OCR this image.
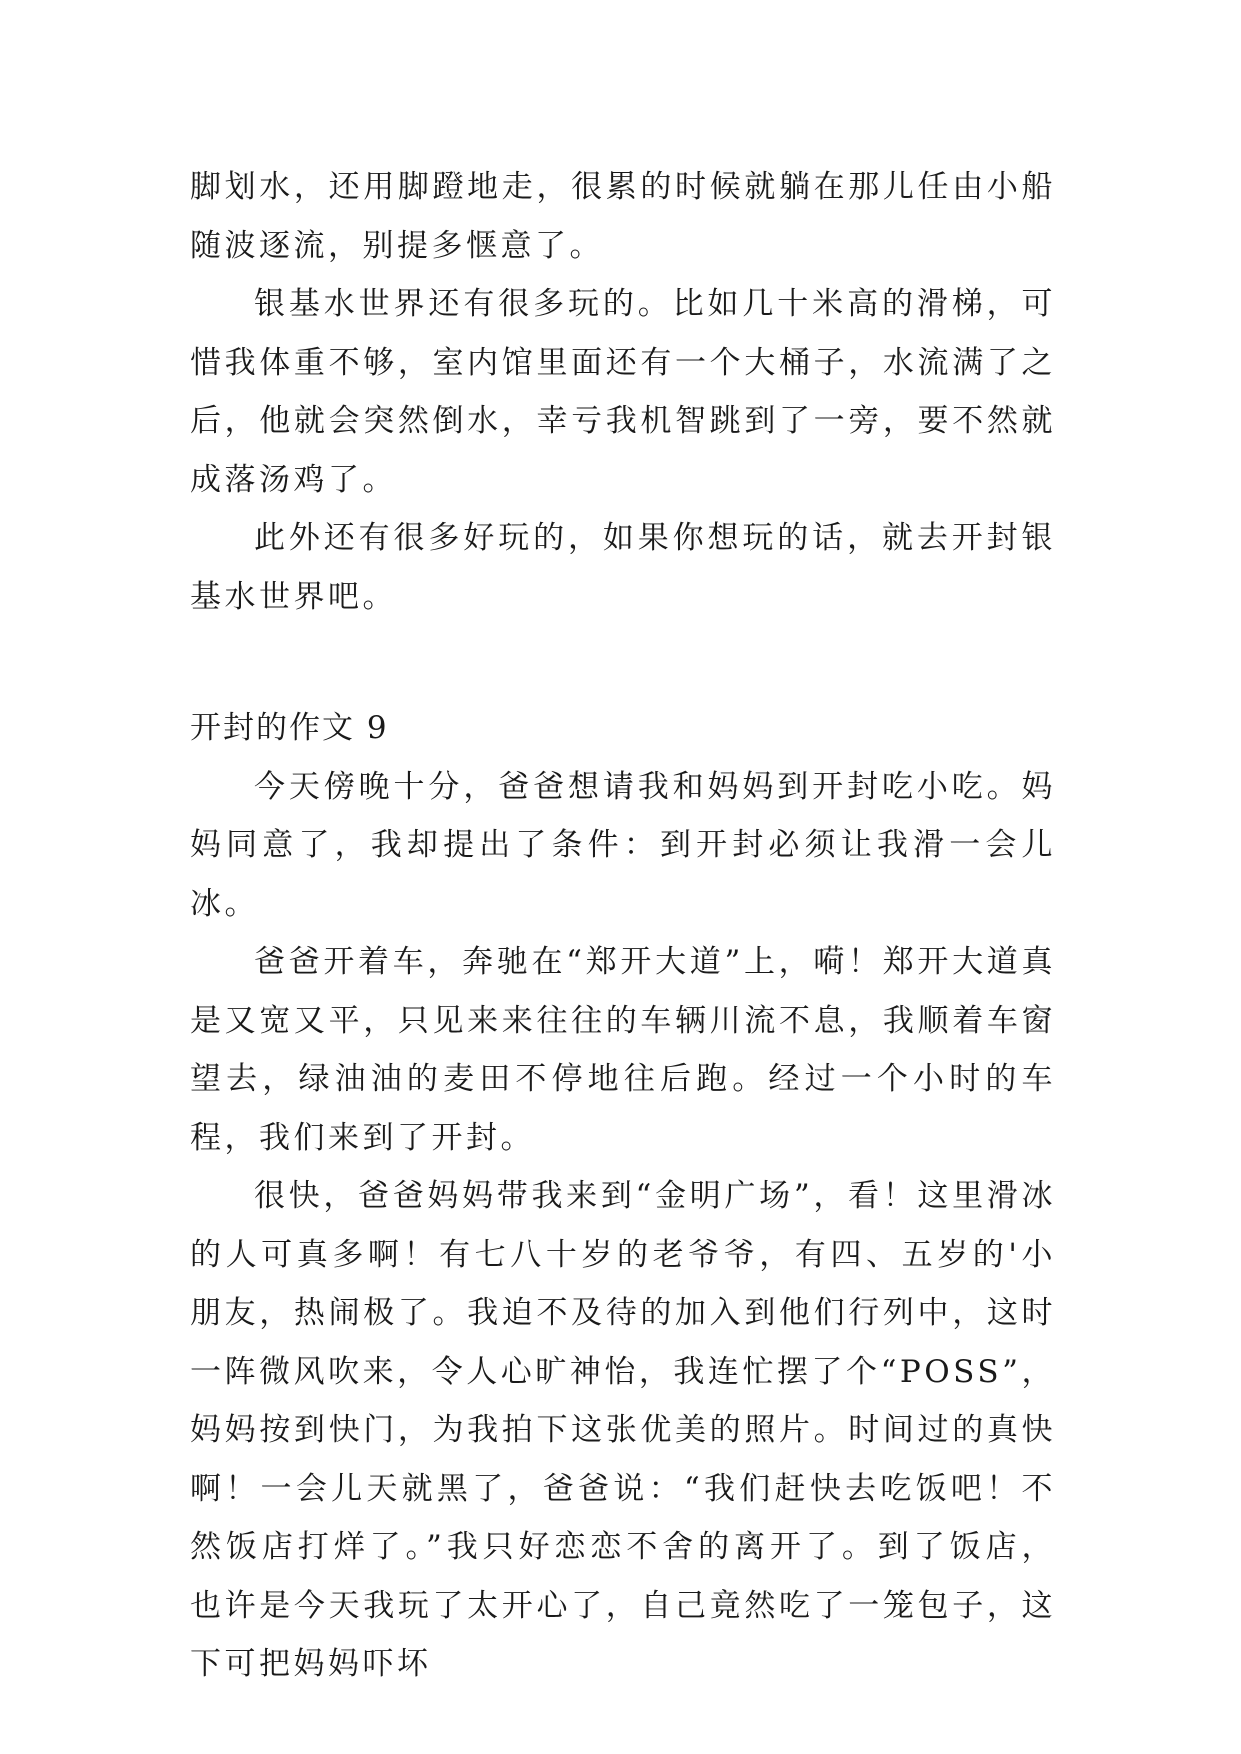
脚划水，还用脚蹬地走，很累的时候就躺在那儿任由小船随波逐流，别提多惬意了。

银基水世界还有很多玩的。比如几十米高的滑梯，可惜我体重不够，室内馆里面还有一个大桶子，水流满了之后，他就会突然倒水，幸亏我机智跳到了一旁，要不然就成落汤鸡了。

此外还有很多好玩的，如果你想玩的话，就去开封银基水世界吧。

开封的作文 9

今天傍晚十分，爸爸想请我和妈妈到开封吃小吃。妈妈同意了，我却提出了条件：到开封必须让我滑一会儿冰。

爸爸开着车，奔驰在“郑开大道”上，嗬！郑开大道真是又宽又平，只见来来往往的车辆川流不息，我顺着车窗望去，绿油油的麦田不停地往后跑。经过一个小时的车程，我们来到了开封。

很快，爸爸妈妈带我来到“金明广场”，看！这里滑冰的人可真多啊！有七八十岁的老爷爷，有四、五岁的'小朋友，热闹极了。我迫不及待的加入到他们行列中，这时一阵微风吹来，令人心旷神怡，我连忙摆了个“POSS”，妈妈按到快门，为我拍下这张优美的照片。时间过的真快啊！一会儿天就黑了，爸爸说：“我们赶快去吃饭吧！不然饭店打烊了。”我只好恋恋不舍的离开了。到了饭店，也许是今天我玩了太开心了，自己竟然吃了一笼包子，这下可把妈妈吓坏
